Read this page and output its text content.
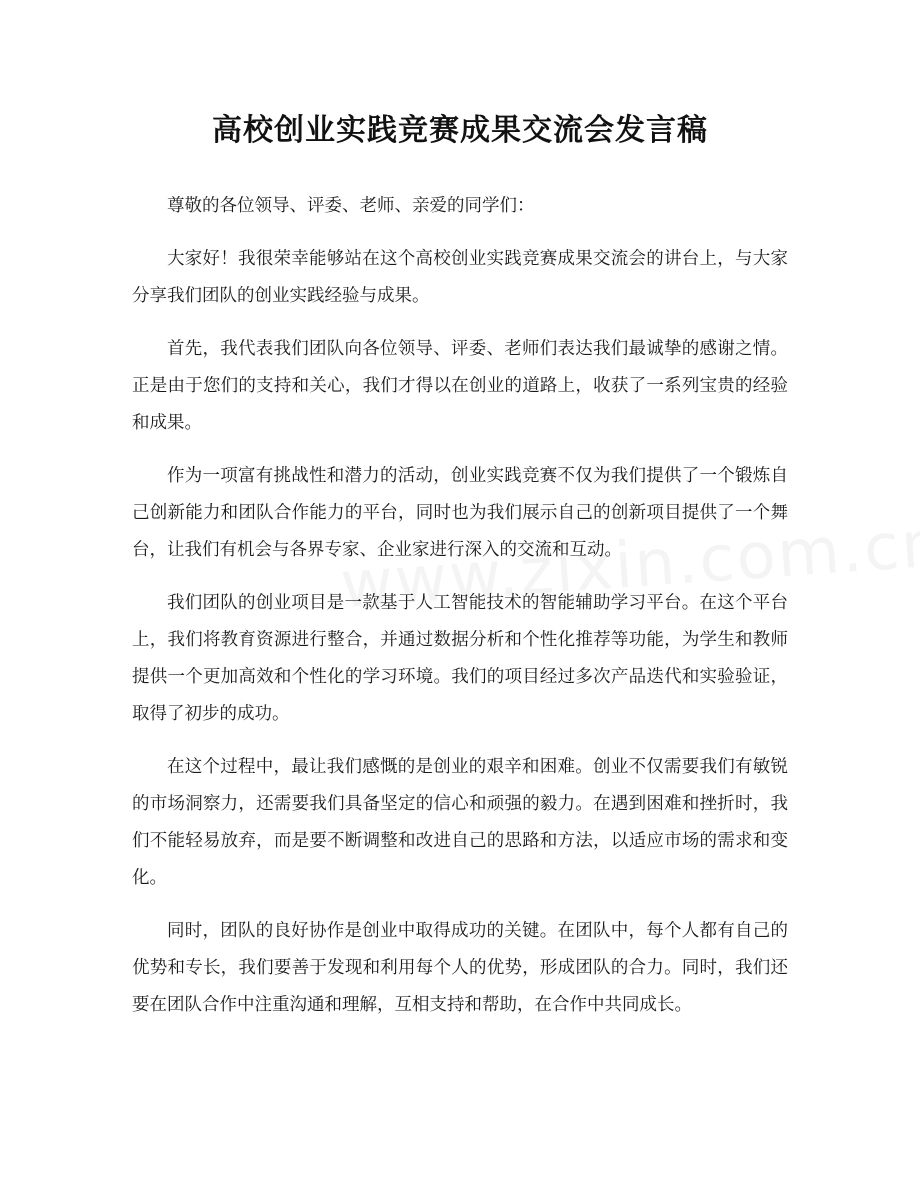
高校创业实践竞赛成果交流会发言稿

尊敬的各位领导、评委、老师、亲爱的同学们：

大家好！我很荣幸能够站在这个高校创业实践竞赛成果交流会的讲台上，与大家分享我们团队的创业实践经验与成果。

首先，我代表我们团队向各位领导、评委、老师们表达我们最诚挚的感谢之情。正是由于您们的支持和关心，我们才得以在创业的道路上，收获了一系列宝贵的经验和成果。

作为一项富有挑战性和潜力的活动，创业实践竞赛不仅为我们提供了一个锻炼自己创新能力和团队合作能力的平台，同时也为我们展示自己的创新项目提供了一个舞台，让我们有机会与各界专家、企业家进行深入的交流和互动。

我们团队的创业项目是一款基于人工智能技术的智能辅助学习平台。在这个平台上，我们将教育资源进行整合，并通过数据分析和个性化推荐等功能，为学生和教师提供一个更加高效和个性化的学习环境。我们的项目经过多次产品迭代和实验验证，取得了初步的成功。

在这个过程中，最让我们感慨的是创业的艰辛和困难。创业不仅需要我们有敏锐的市场洞察力，还需要我们具备坚定的信心和顽强的毅力。在遇到困难和挫折时，我们不能轻易放弃，而是要不断调整和改进自己的思路和方法，以适应市场的需求和变化。

同时，团队的良好协作是创业中取得成功的关键。在团队中，每个人都有自己的优势和专长，我们要善于发现和利用每个人的优势，形成团队的合力。同时，我们还要在团队合作中注重沟通和理解，互相支持和帮助，在合作中共同成长。
